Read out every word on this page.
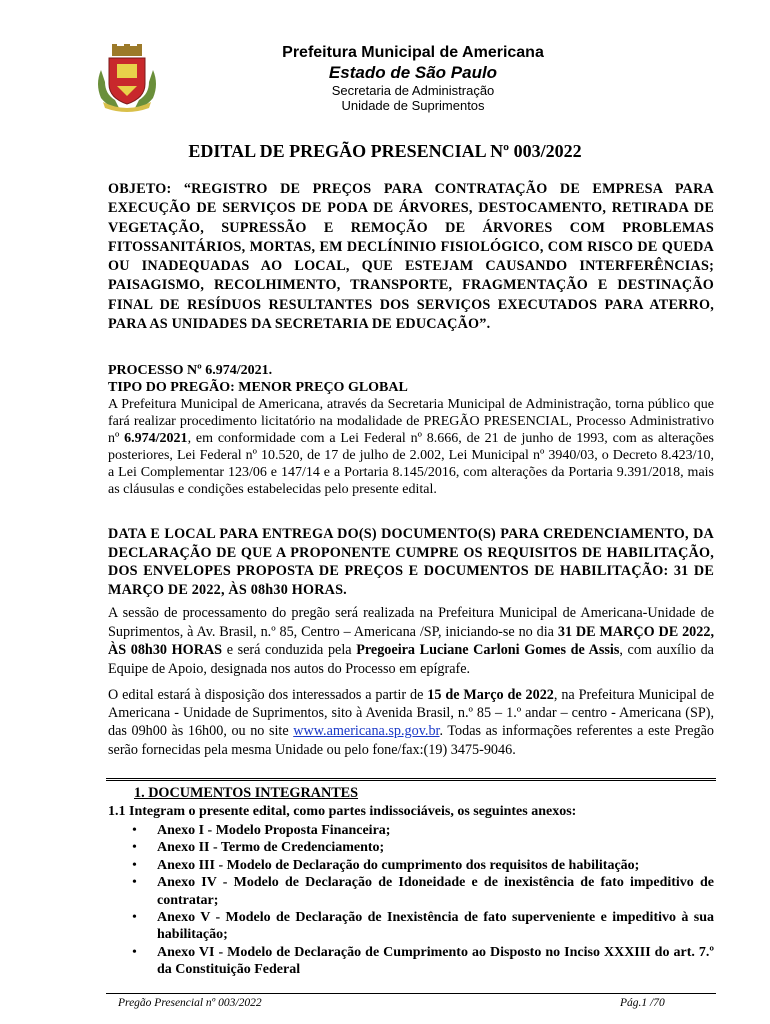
Prefeitura Municipal de Americana
Estado de São Paulo
Secretaria de Administração
Unidade de Suprimentos
EDITAL DE PREGÃO PRESENCIAL Nº 003/2022
OBJETO: “REGISTRO DE PREÇOS PARA CONTRATAÇÃO DE EMPRESA PARA EXECUÇÃO DE SERVIÇOS DE PODA DE ÁRVORES, DESTOCAMENTO, RETIRADA DE VEGETAÇÃO, SUPRESSÃO E REMOÇÃO DE ÁRVORES COM PROBLEMAS FITOSSANITÁRIOS, MORTAS, EM DECLÍNINIO FISIOLÓGICO, COM RISCO DE QUEDA OU INADEQUADAS AO LOCAL, QUE ESTEJAM CAUSANDO INTERFERÊNCIAS; PAISAGISMO, RECOLHIMENTO, TRANSPORTE, FRAGMENTAÇÃO E DESTINAÇÃO FINAL DE RESÍDUOS RESULTANTES DOS SERVIÇOS EXECUTADOS PARA ATERRO, PARA AS UNIDADES DA SECRETARIA DE EDUCAÇÃO”.
PROCESSO Nº 6.974/2021.
TIPO DO PREGÃO: MENOR PREÇO GLOBAL
A Prefeitura Municipal de Americana, através da Secretaria Municipal de Administração, torna público que fará realizar procedimento licitatório na modalidade de PREGÃO PRESENCIAL, Processo Administrativo nº 6.974/2021, em conformidade com a Lei Federal nº 8.666, de 21 de junho de 1993, com as alterações posteriores, Lei Federal nº 10.520, de 17 de julho de 2.002, Lei Municipal nº 3940/03, o Decreto 8.423/10, a Lei Complementar 123/06 e 147/14 e a Portaria 8.145/2016, com alterações da Portaria 9.391/2018, mais as cláusulas e condições estabelecidas pelo presente edital.
DATA E LOCAL PARA ENTREGA DO(S) DOCUMENTO(S) PARA CREDENCIAMENTO, DA DECLARAÇÃO DE QUE A PROPONENTE CUMPRE OS REQUISITOS DE HABILITAÇÃO, DOS ENVELOPES PROPOSTA DE PREÇOS E DOCUMENTOS DE HABILITAÇÃO: 31 DE MARÇO DE 2022, ÀS 08h30 HORAS.
A sessão de processamento do pregão será realizada na Prefeitura Municipal de Americana-Unidade de Suprimentos, à Av. Brasil, n.º 85, Centro – Americana /SP, iniciando-se no dia 31 DE MARÇO DE 2022, ÀS 08h30 HORAS e será conduzida pela Pregoeira Luciane Carloni Gomes de Assis, com auxílio da Equipe de Apoio, designada nos autos do Processo em epígrafe.
O edital estará à disposição dos interessados a partir de 15 de Março de 2022, na Prefeitura Municipal de Americana - Unidade de Suprimentos, sito à Avenida Brasil, n.º 85 – 1.º andar – centro - Americana (SP), das 09h00 às 16h00, ou no site www.americana.sp.gov.br. Todas as informações referentes a este Pregão serão fornecidas pela mesma Unidade ou pelo fone/fax:(19) 3475-9046.
1. DOCUMENTOS INTEGRANTES
1.1 Integram o presente edital, como partes indissociáveis, os seguintes anexos:
• Anexo I - Modelo Proposta Financeira;
• Anexo II - Termo de Credenciamento;
• Anexo III - Modelo de Declaração do cumprimento dos requisitos de habilitação;
• Anexo IV - Modelo de Declaração de Idoneidade e de inexistência de fato impeditivo de contratar;
• Anexo V - Modelo de Declaração de Inexistência de fato superveniente e impeditivo à sua habilitação;
• Anexo VI - Modelo de Declaração de Cumprimento ao Disposto no Inciso XXXIII do art. 7.º da Constituição Federal
Pregão Presencial nº 003/2022	Pág.1 /70
